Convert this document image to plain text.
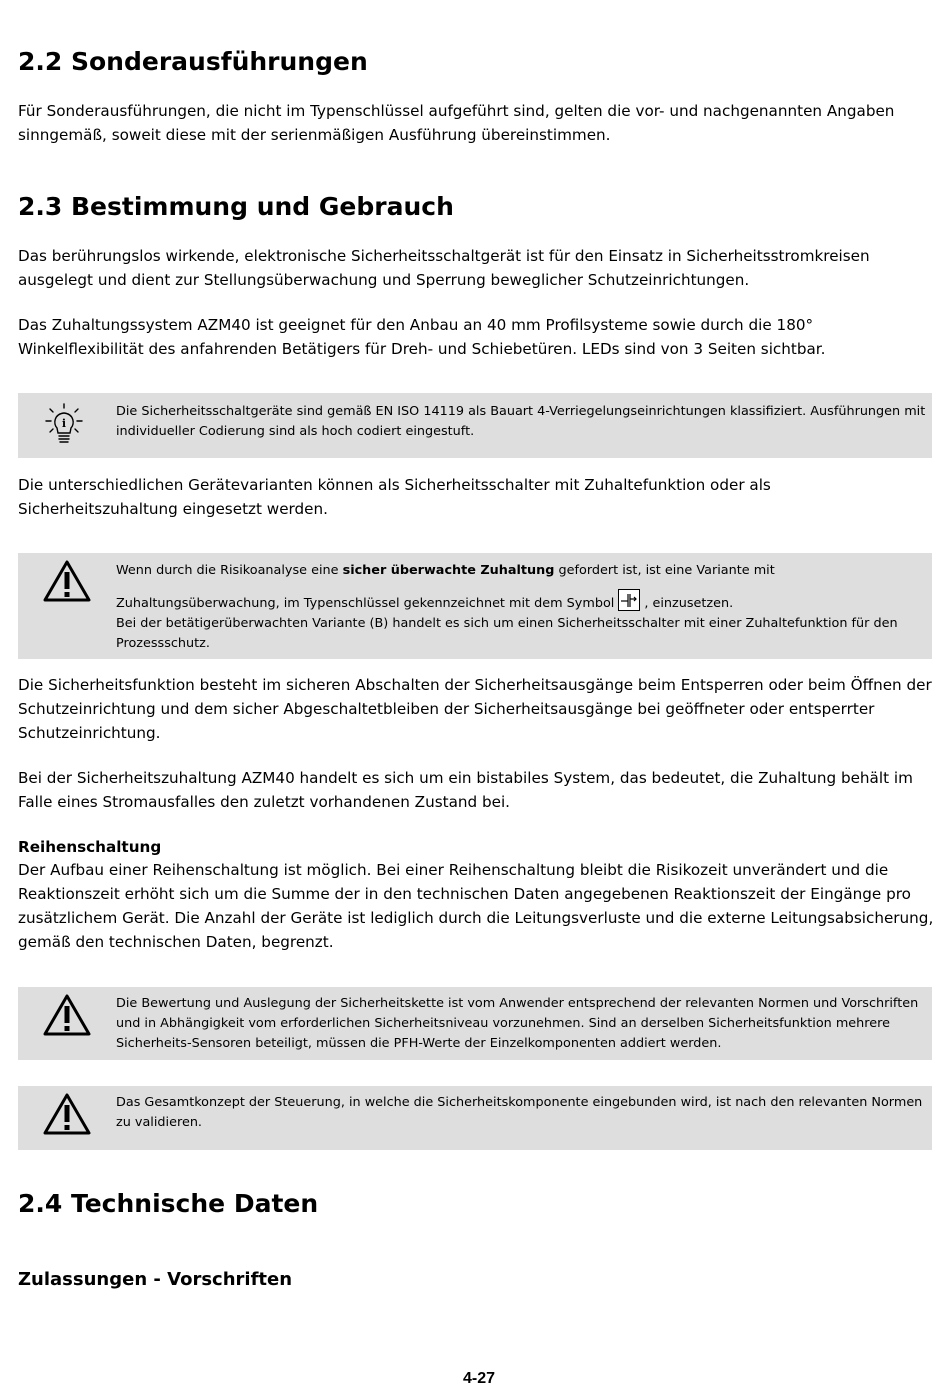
2.2 Sonderausführungen

Für Sonderausführungen, die nicht im Typenschlüssel aufgeführt sind, gelten die vor- und nachgenannten Angaben sinngemäß, soweit diese mit der serienmäßigen Ausführung übereinstimmen.

2.3 Bestimmung und Gebrauch

Das berührungslos wirkende, elektronische Sicherheitsschaltgerät ist für den Einsatz in Sicherheitsstromkreisen ausgelegt und dient zur Stellungsüberwachung und Sperrung beweglicher Schutzeinrichtungen.

Das Zuhaltungssystem AZM40 ist geeignet für den Anbau an 40 mm Profilsysteme sowie durch die 180° Winkelflexibilität des anfahrenden Betätigers für Dreh- und Schiebetüren. LEDs sind von 3 Seiten sichtbar.

i
Die Sicherheitsschaltgeräte sind gemäß EN ISO 14119 als Bauart 4-Verriegelungseinrichtungen klassifiziert. Ausführungen mit individueller Codierung sind als hoch codiert eingestuft.

Die unterschiedlichen Gerätevarianten können als Sicherheitsschalter mit Zuhaltefunktion oder als Sicherheitszuhaltung eingesetzt werden.

Wenn durch die Risikoanalyse eine sicher überwachte Zuhaltung gefordert ist, ist eine Variante mit
Zuhaltungsüberwachung, im Typenschlüssel gekennzeichnet mit dem Symbol , einzusetzen.
Bei der betätigerüberwachten Variante (B) handelt es sich um einen Sicherheitsschalter mit einer Zuhaltefunktion für den Prozessschutz.

Die Sicherheitsfunktion besteht im sicheren Abschalten der Sicherheitsausgänge beim Entsperren oder beim Öffnen der Schutzeinrichtung und dem sicher Abgeschaltetbleiben der Sicherheitsausgänge bei geöffneter oder entsperrter Schutzeinrichtung.

Bei der Sicherheitszuhaltung AZM40 handelt es sich um ein bistabiles System, das bedeutet, die Zuhaltung behält im Falle eines Stromausfalles den zuletzt vorhandenen Zustand bei.

Reihenschaltung

Der Aufbau einer Reihenschaltung ist möglich. Bei einer Reihenschaltung bleibt die Risikozeit unverändert und die Reaktionszeit erhöht sich um die Summe der in den technischen Daten angegebenen Reaktionszeit der Eingänge pro zusätzlichem Gerät. Die Anzahl der Geräte ist lediglich durch die Leitungsverluste und die externe Leitungsabsicherung, gemäß den technischen Daten, begrenzt.

Die Bewertung und Auslegung der Sicherheitskette ist vom Anwender entsprechend der relevanten Normen und Vorschriften und in Abhängigkeit vom erforderlichen Sicherheitsniveau vorzunehmen. Sind an derselben Sicherheitsfunktion mehrere Sicherheits-Sensoren beteiligt, müssen die PFH-Werte der Einzelkomponenten addiert werden.
Das Gesamtkonzept der Steuerung, in welche die Sicherheitskomponente eingebunden wird, ist nach den relevanten Normen zu validieren.
2.4 Technische Daten
Zulassungen - Vorschriften
4-27
